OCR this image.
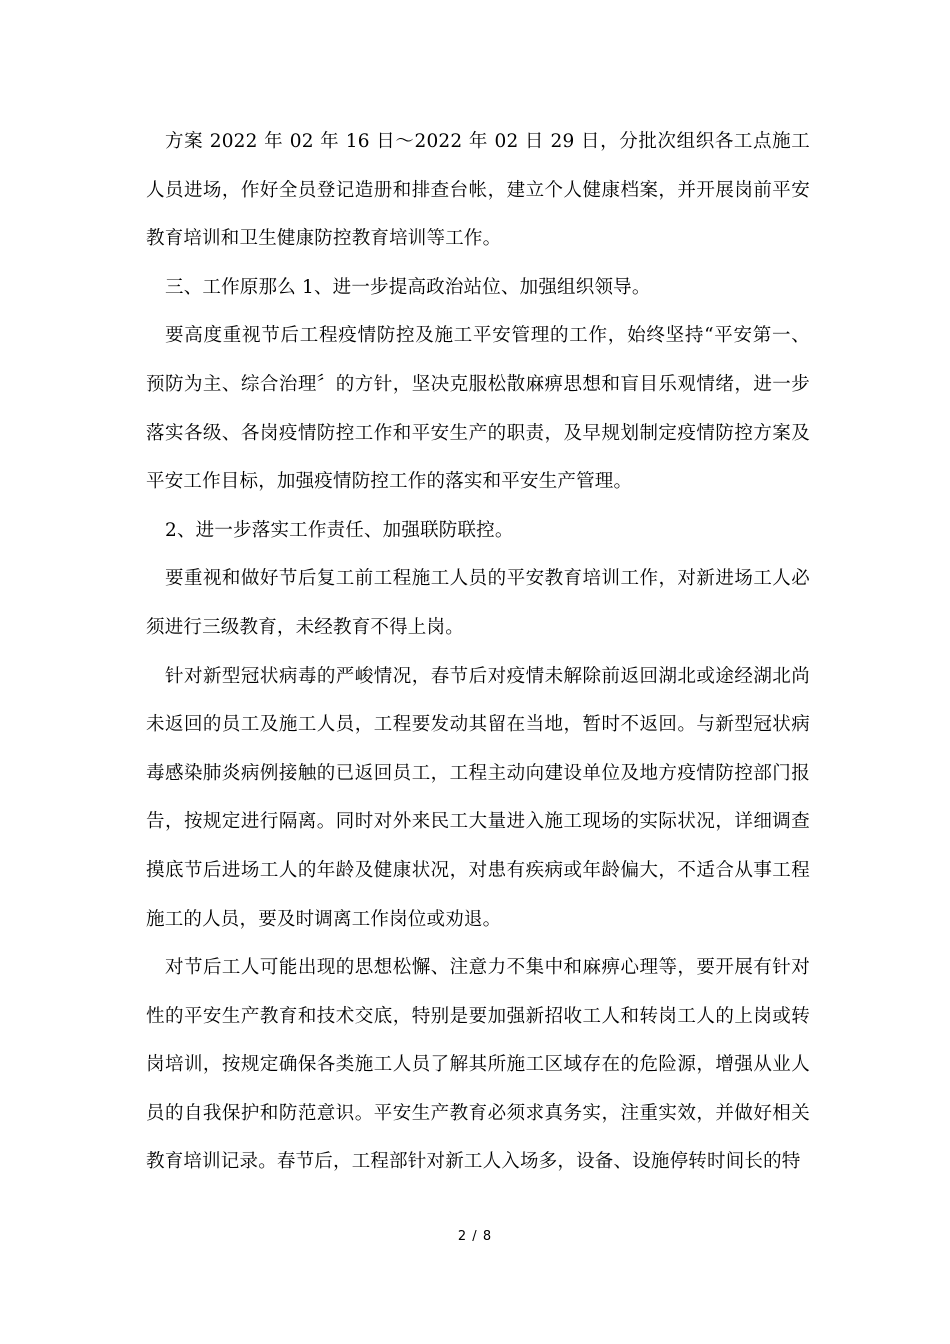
方案 2022 年 02 年 16 日～2022 年 02 日 29 日，分批次组织各工点施工人员进场，作好全员登记造册和排查台帐，建立个人健康档案，并开展岗前平安教育培训和卫生健康防控教育培训等工作。

三、工作原那么 1、进一步提高政治站位、加强组织领导。

要高度重视节后工程疫情防控及施工平安管理的工作，始终坚持“平安第一、预防为主、综合治理〞的方针，坚决克服松散麻痹思想和盲目乐观情绪，进一步落实各级、各岗疫情防控工作和平安生产的职责，及早规划制定疫情防控方案及平安工作目标，加强疫情防控工作的落实和平安生产管理。

2、进一步落实工作责任、加强联防联控。

要重视和做好节后复工前工程施工人员的平安教育培训工作，对新进场工人必须进行三级教育，未经教育不得上岗。

针对新型冠状病毒的严峻情况，春节后对疫情未解除前返回湖北或途经湖北尚未返回的员工及施工人员，工程要发动其留在当地，暂时不返回。与新型冠状病毒感染肺炎病例接触的已返回员工，工程主动向建设单位及地方疫情防控部门报告，按规定进行隔离。同时对外来民工大量进入施工现场的实际状况，详细调查摸底节后进场工人的年龄及健康状况，对患有疾病或年龄偏大，不适合从事工程施工的人员，要及时调离工作岗位或劝退。

对节后工人可能出现的思想松懈、注意力不集中和麻痹心理等，要开展有针对性的平安生产教育和技术交底，特别是要加强新招收工人和转岗工人的上岗或转岗培训，按规定确保各类施工人员了解其所施工区域存在的危险源，增强从业人员的自我保护和防范意识。平安生产教育必须求真务实，注重实效，并做好相关教育培训记录。春节后，工程部针对新工人入场多，设备、设施停转时间长的特

2 / 8
